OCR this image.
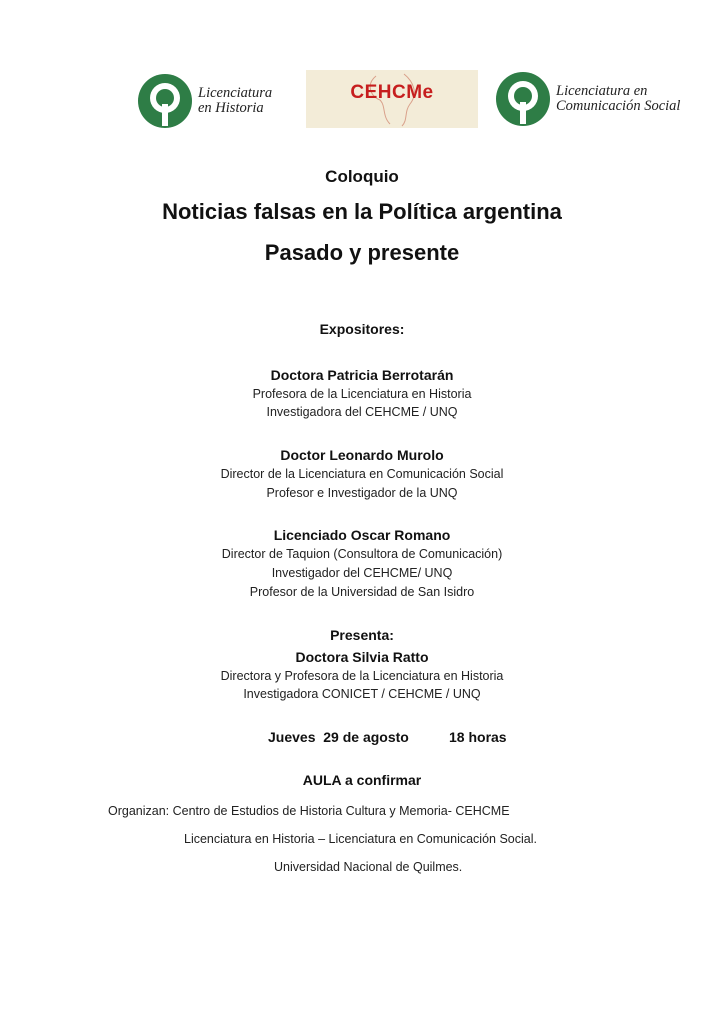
Licenciatura
en Historia
CEHCMe	Licenciatura en
Comunicación Social
Coloquio
Noticias falsas en la Política argentina
Pasado y presente
Expositores:
Doctora Patricia Berrotarán
Profesora de la Licenciatura en Historia
Investigadora del CEHCME / UNQ
Doctor Leonardo Murolo
Director de la Licenciatura en Comunicación Social
Profesor e Investigador de la UNQ
Licenciado Oscar Romano
Director de Taquion (Consultora de Comunicación)
Investigador del CEHCME/ UNQ
Profesor de la Universidad de San Isidro
Presenta:
Doctora Silvia Ratto
Directora y Profesora de la Licenciatura en Historia
Investigadora CONICET / CEHCME / UNQ
Jueves  29 de agosto	18 horas
AULA a confirmar
Organizan: Centro de Estudios de Historia Cultura y Memoria- CEHCME
Licenciatura en Historia – Licenciatura en Comunicación Social.
Universidad Nacional de Quilmes.
